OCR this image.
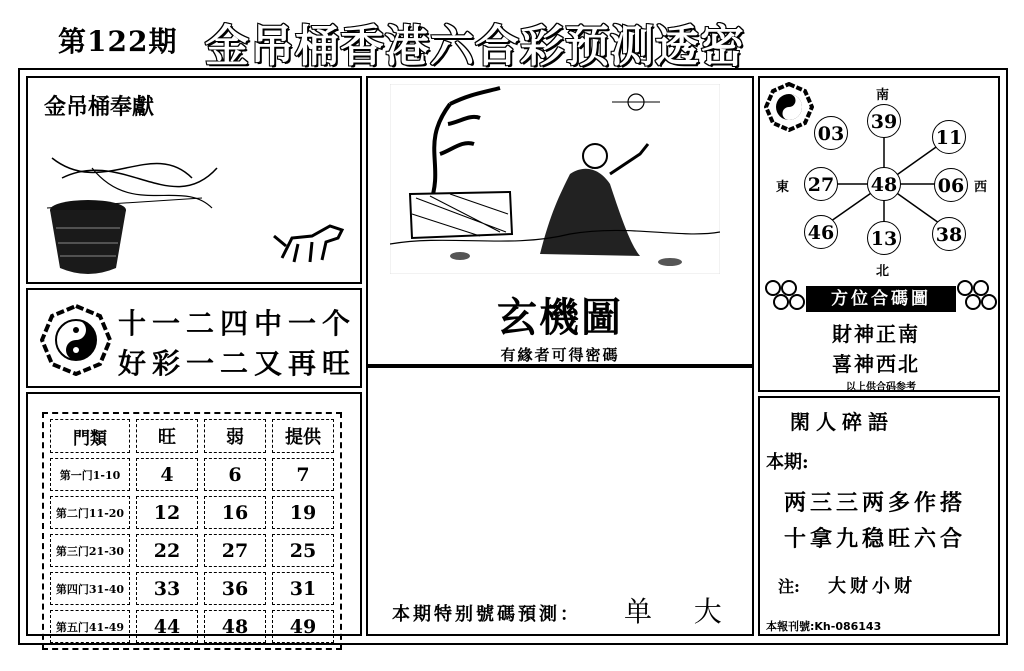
第122期 金吊桶香港六合彩预测透密
金吊桶奉獻
十一二四中一个
好彩一二又再旺
門類	旺	弱	提供
第一门1-10	4	6	7
第二门11-20	12	16	19
第三门21-30	22	27	25
第四门31-40	33	36	31
第五门41-49	44	48	49
玄機圖
有緣者可得密碼
本期特别號碼預測： 单  大
南
北
東	西
39
03	11
27 48 06
46 13 38
方位合碼圖
財神正南
喜神西北
以上供合码参考
閑人碎語
本期:
两三三两多作搭
十拿九稳旺六合
注: 大财小财
本報刊號:Kh-086143
